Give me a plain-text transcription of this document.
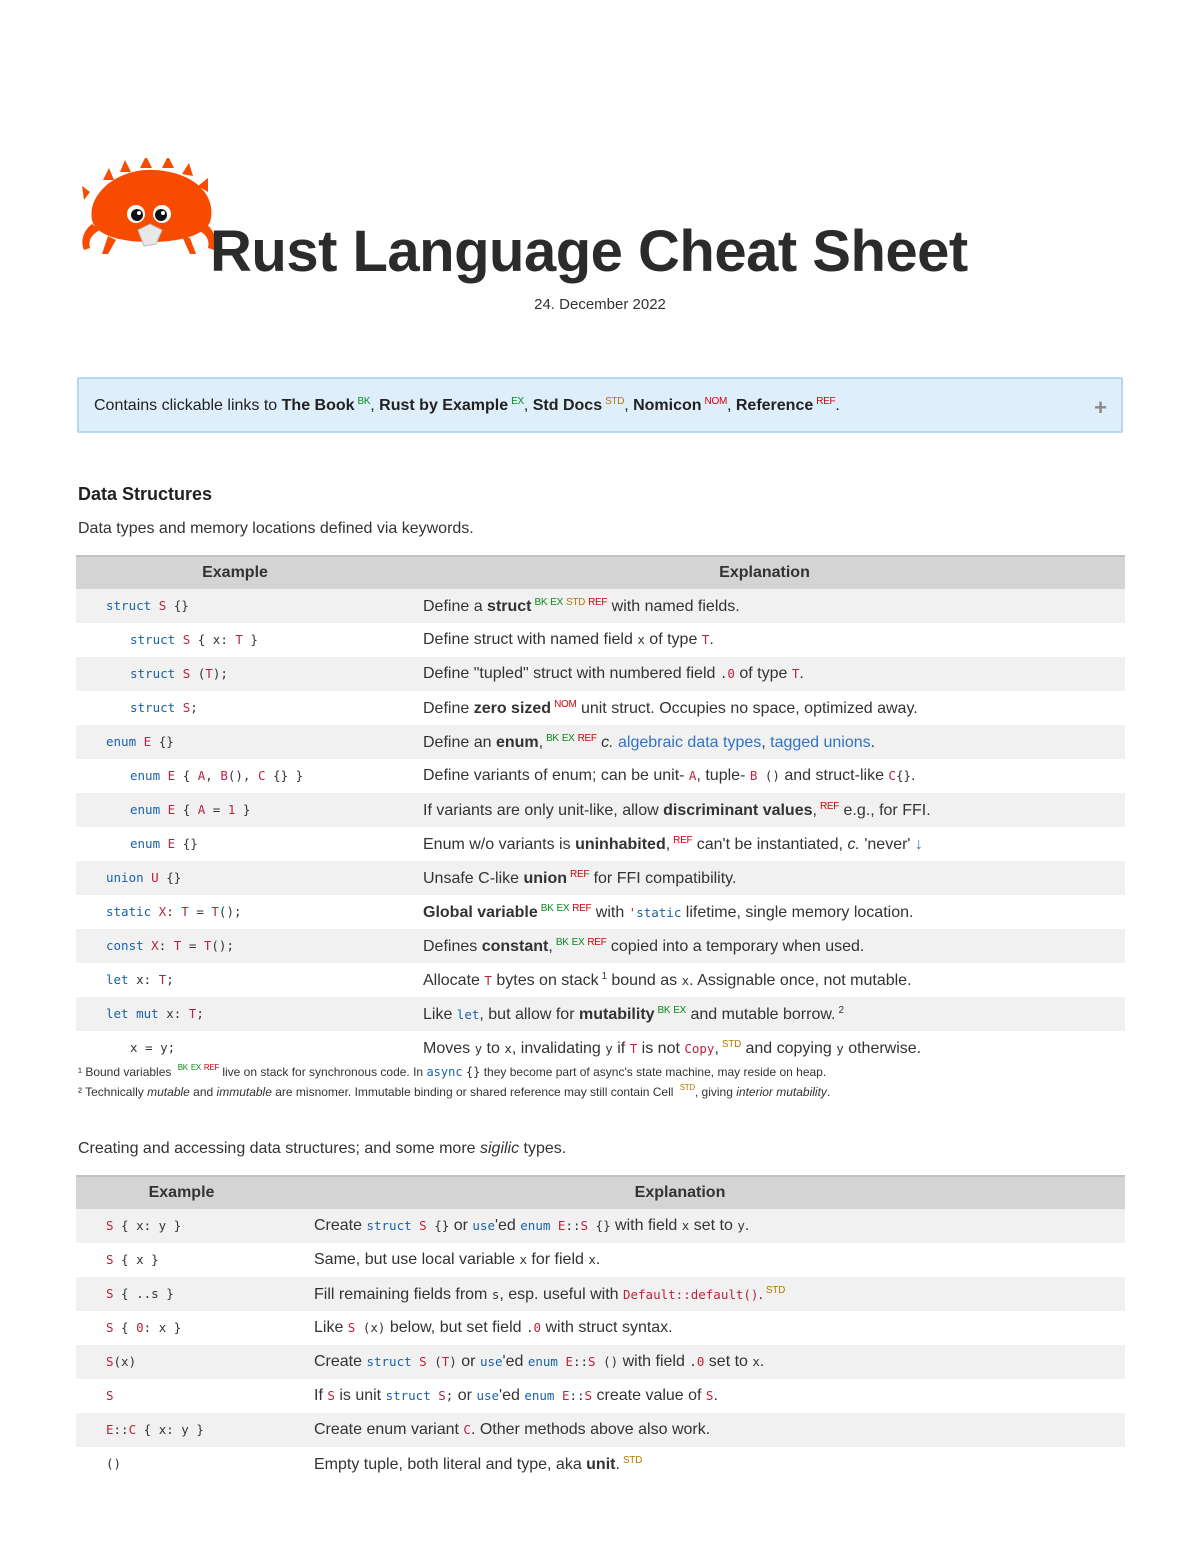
Rust Language Cheat Sheet
24. December 2022
Contains clickable links to The Book $^{BK}$, Rust by Example $^{EX}$, Std Docs $^{STD}$, Nomicon $^{NOM}$, Reference $^{REF}$.	+
Data Structures
Data types and memory locations defined via keywords.
Example	Explanation
struct S {}	Define a struct $^{BK}$ $^{EX}$ $^{STD}$ $^{REF}$ with named fields.
struct S { x: T }	Define struct with named field x of type T.
struct S ​(T);	Define "tupled" struct with numbered field .0 of type T.
struct S;	Define zero sized $^{NOM}$ unit struct. Occupies no space, optimized away.
enum E {}	Define an enum, $^{BK}$ $^{EX}$ $^{REF}$ c. algebraic data types, tagged unions.
enum E { A, B​(), C {} }	Define variants of enum; can be unit- A, tuple- B ​() and struct-like C{}.
enum E { A = 1 }	If variants are only unit-like, allow discriminant values, $^{REF}$ e.g., for FFI.
enum E {}	Enum w/o variants is uninhabited, $^{REF}$ can't be instantiated, c. 'never' ↓
union U {}	Unsafe C-like union $^{REF}$ for FFI compatibility.
static X: T = T();	Global variable $^{BK}$ $^{EX}$ $^{REF}$ with 'static lifetime, single memory location.
const X: T = T();	Defines constant, $^{BK}$ $^{EX}$ $^{REF}$ copied into a temporary when used.
let x: T;	Allocate T bytes on stack $^1$ bound as x. Assignable once, not mutable.
let mut x: T;	Like let, but allow for mutability $^{BK}$ $^{EX}$ and mutable borrow. $^2$
x = y;	Moves y to x, invalidating y if T is not Copy, $^{STD}$ and copying y otherwise.
¹ Bound variables $^{BK}$ $^{EX}$ $^{REF}$ live on stack for synchronous code. In async {} they become part of async's state machine, may reside on heap.
² Technically mutable and immutable are misnomer. Immutable binding or shared reference may still contain Cell $^{STD}$, giving interior mutability.
Creating and accessing data structures; and some more sigilic types.
Example	Explanation
S { x: y }	Create struct S {} or use'ed enum E::S {} with field x set to y.
S { x }	Same, but use local variable x for field x.
S { ..s }	Fill remaining fields from s, esp. useful with Default::default(). $^{STD}$
S { 0: x }	Like S ​(x) below, but set field .0 with struct syntax.
S​(x)	Create struct S ​(T) or use'ed enum E::S ​() with field .0 set to x.
S	If S is unit struct S; or use'ed enum E::S create value of S.
E::C { x: y }	Create enum variant C. Other methods above also work.
()	Empty tuple, both literal and type, aka unit. $^{STD}$
